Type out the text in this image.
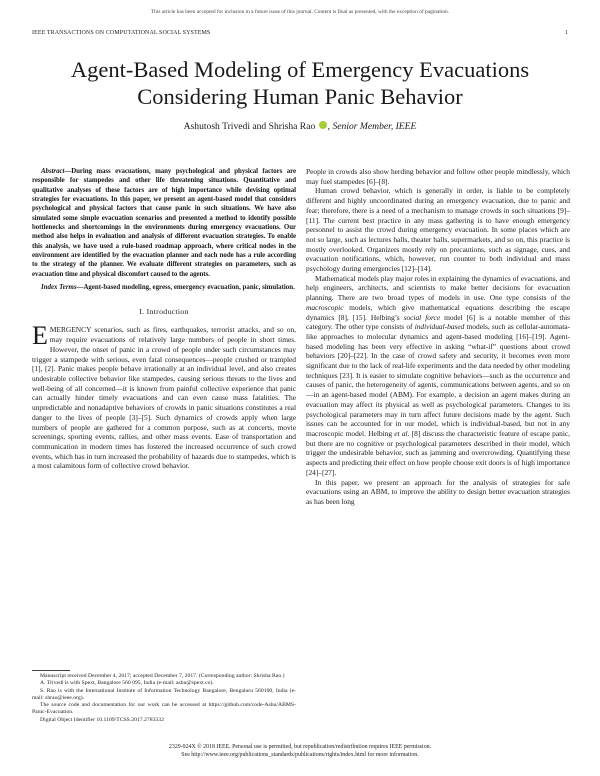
This article has been accepted for inclusion in a future issue of this journal. Content is final as presented, with the exception of pagination.
IEEE TRANSACTIONS ON COMPUTATIONAL SOCIAL SYSTEMS	1
Agent-Based Modeling of Emergency Evacuations
Considering Human Panic Behavior
Ashutosh Trivedi and Shrisha Rao , Senior Member, IEEE

Abstract—During mass evacuations, many psychological and physical factors are responsible for stampedes and other life threatening situations. Quantitative and qualitative analyses of these factors are of high importance while devising optimal strategies for evacuations. In this paper, we present an agent-based model that considers psychological and physical factors that cause panic in such situations. We have also simulated some simple evacuation scenarios and presented a method to identify possible bottlenecks and shortcomings in the environments during emergency evacuations. Our method also helps in evaluation and analysis of different evacuation strategies. To enable this analysis, we have used a rule-based roadmap approach, where critical nodes in the environment are identified by the evacuation planner and each node has a rule according to the strategy of the planner. We evaluate different strategies on parameters, such as evacuation time and physical discomfort caused to the agents.

Index Terms—Agent-based modeling, egress, emergency evacuation, panic, simulation.

I. Introduction

EMERGENCY scenarios, such as fires, earthquakes, terrorist attacks, and so on, may require evacuations of relatively large numbers of people in short times. However, the onset of panic in a crowd of people under such circumstances may trigger a stampede with serious, even fatal consequences—people crushed or trampled [1], [2]. Panic makes people behave irrationally at an individual level, and also creates undesirable collective behavior like stampedes, causing serious threats to the lives and well-being of all concerned—it is known from painful collective experience that panic can actually hinder timely evacuations and can even cause mass fatalities. The unpredictable and nonadaptive behaviors of crowds in panic situations constitutes a real danger to the lives of people [3]–[5]. Such dynamics of crowds apply when large numbers of people are gathered for a common purpose, such as at concerts, movie screenings, sporting events, rallies, and other mass events. Ease of transportation and communication in modern times has fostered the increased occurrence of such crowd events, which has in turn increased the probability of hazards due to stampedes, which is a most calamitous form of collective crowd behavior.

People in crowds also show herding behavior and follow other people mindlessly, which may fuel stampedes [6]–[8].

Human crowd behavior, which is generally in order, is liable to be completely different and highly uncoordinated during an emergency evacuation, due to panic and fear; therefore, there is a need of a mechanism to manage crowds in such situations [9]–[11]. The current best practice in any mass gathering is to have enough emergency personnel to assist the crowd during emergency evacuation. In some places which are not so large, such as lectures halls, theater halls, supermarkets, and so on, this practice is mostly overlooked. Organizers mostly rely on precautions, such as signage, cues, and evacuation notifications, which, however, run counter to both individual and mass psychology during emergencies [12]–[14].

Mathematical models play major roles in explaining the dynamics of evacuations, and help engineers, architects, and scientists to make better decisions for evacuation planning. There are two broad types of models in use. One type consists of the macroscopic models, which give mathematical equations describing the escape dynamics [8], [15]. Helbing’s social force model [6] is a notable member of this category. The other type consists of individual-based models, such as cellular-automata-like approaches to molecular dynamics and agent-based modeling [16]–[19]. Agent-based modeling has been very effective in asking “what-if” questions about crowd behaviors [20]–[22]. In the case of crowd safety and security, it becomes even more significant due to the lack of real-life experiments and the data needed by other modeling techniques [23]. It is easier to simulate cognitive behaviors—such as the occurrence and causes of panic, the heterogeneity of agents, communications between agents, and so on—in an agent-based model (ABM). For example, a decision an agent makes during an evacuation may affect its physical as well as psychological parameters. Changes to its psychological parameters may in turn affect future decisions made by the agent. Such issues can be accounted for in our model, which is individual-based, but not in any macroscopic model. Helbing et al. [8] discuss the characteristic feature of escape panic, but there are no cognitive or psychological parameters described in their model, which trigger the undesirable behavior, such as jamming and overcrowding. Quantifying these aspects and predicting their effect on how people choose exit doors is of high importance [24]–[27].

In this paper, we present an approach for the analysis of strategies for safe evacuations using an ABM, to improve the ability to design better evacuation strategies as has been long

Manuscript received December 4, 2017; accepted December 7, 2017. (Corresponding author: Shrisha Rao.)

A. Trivedi is with Spext, Bangalore 560 095, India (e-mail: ashu@spext.co).

S. Rao is with the International Institute of Information Technology Bangalore, Bengaluru 560100, India (e-mail: shrao@ieee.org).

The source code and documentation for our work can be accessed at https://github.com/code-Ashu/ABMS-Panic-Evacuation.

Digital Object Identifier 10.1109/TCSS.2017.2783332

2329-924X © 2018 IEEE. Personal use is permitted, but republication/redistribution requires IEEE permission.

See http://www.ieee.org/publications_standards/publications/rights/index.html for more information.
